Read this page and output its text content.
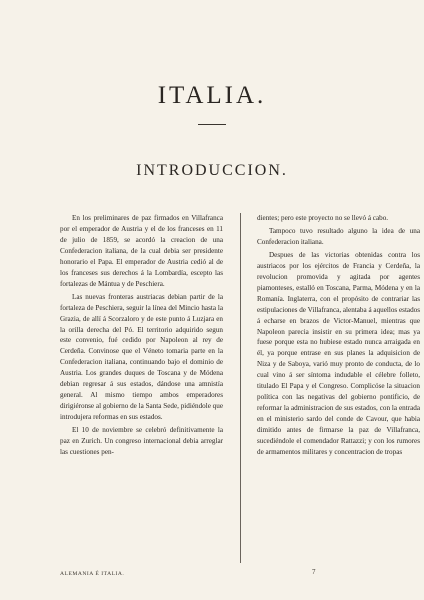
ITALIA.
INTRODUCCION.

En los preliminares de paz firmados en Villafranca por el emperador de Austria y el de los franceses en 11 de julio de 1859, se acordó la creacion de una Confederacion italiana, de la cual debia ser presidente honorario el Papa. El emperador de Austria cedió al de los franceses sus derechos á la Lombardía, escepto las fortalezas de Mántua y de Peschiera.

Las nuevas fronteras austriacas debian partir de la fortaleza de Peschiera, seguir la línea del Mincio hasta la Grazia, de allí á Scorzaloro y de este punto á Luzjara en la orilla derecha del Pó. El territorio adquirido segun este convenio, fué cedido por Napoleon al rey de Cerdeña. Convinose que el Véneto tomaria parte en la Confederacion italiana, continuando bajo el dominio de Austria. Los grandes duques de Toscana y de Módena debian regresar á sus estados, dándose una amnistía general. Al mismo tiempo ambos emperadores dirigiéronse al gobierno de la Santa Sede, pidiéndole que introdujera reformas en sus estados.

El 10 de noviembre se celebró definitivamente la paz en Zurich. Un congreso internacional debia arreglar las cuestiones pen-

dientes; pero este proyecto no se llevó á cabo.

Tampoco tuvo resultado alguno la idea de una Confederacion italiana.

Despues de las victorias obtenidas contra los austriacos por los ejércitos de Francia y Cerdeña, la revolucion promovida y agitada por agentes piamonteses, estalló en Toscana, Parma, Módena y en la Romanía. Inglaterra, con el propósito de contrariar las estipulaciones de Villafranca, alentaba á aquellos estados á echarse en brazos de Victor-Manuel, mientras que Napoleon parecia insistir en su primera idea; mas ya fuese porque esta no hubiese estado nunca arraigada en él, ya porque entrase en sus planes la adquisicion de Niza y de Saboya, varió muy pronto de conducta, de lo cual vino á ser síntoma indudable el célebre folleto, titulado El Papa y el Congreso. Complicóse la situacion política con las negativas del gobierno pontificio, de reformar la administracion de sus estados, con la entrada en el ministerio sardo del conde de Cavour, que habia dimitido antes de firmarse la paz de Villafranca, sucediéndole el comendador Rattazzi; y con los rumores de armamentos militares y concentracion de tropas

ALEMANIA É ITALIA.	7
